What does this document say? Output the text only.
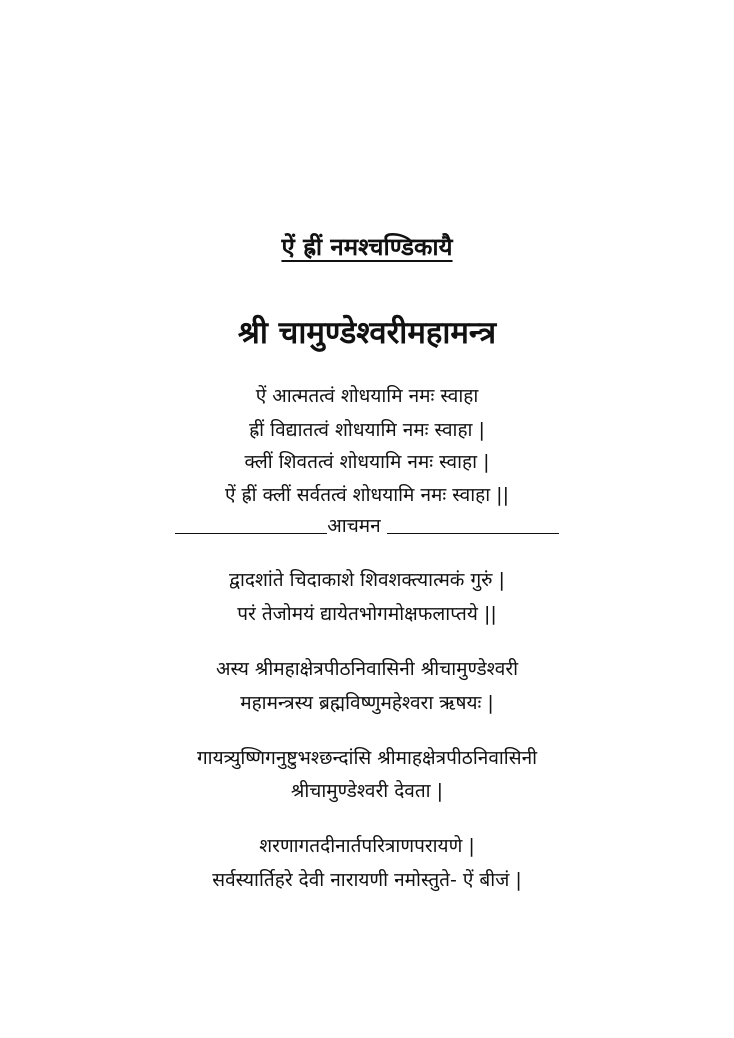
ऐं ह्रीं नमश्चण्डिकायै
श्री चामुण्डेश्वरीमहामन्त्र
ऐं आत्मतत्वं शोधयामि नमः स्वाहा
ह्रीं विद्यातत्वं शोधयामि नमः स्वाहा |
क्लीं शिवतत्वं शोधयामि नमः स्वाहा |
ऐं ह्रीं क्लीं सर्वतत्वं शोधयामि नमः स्वाहा ||
आचमन
द्वादशांते चिदाकाशे शिवशक्त्यात्मकं गुरुं |
परं तेजोमयं द्यायेतभोगमोक्षफलाप्तये ||
अस्य श्रीमहाक्षेत्रपीठनिवासिनी श्रीचामुण्डेश्वरी
महामन्त्रस्य ब्रह्मविष्णुमहेश्वरा ऋषयः |
गायत्र्युष्णिगनुष्टुभश्छन्दांसि श्रीमाहक्षेत्रपीठनिवासिनी
श्रीचामुण्डेश्वरी देवता |
शरणागतदीनार्तपरित्राणपरायणे |
सर्वस्यार्तिहरे देवी नारायणी नमोस्तुते- ऐं बीजं |
